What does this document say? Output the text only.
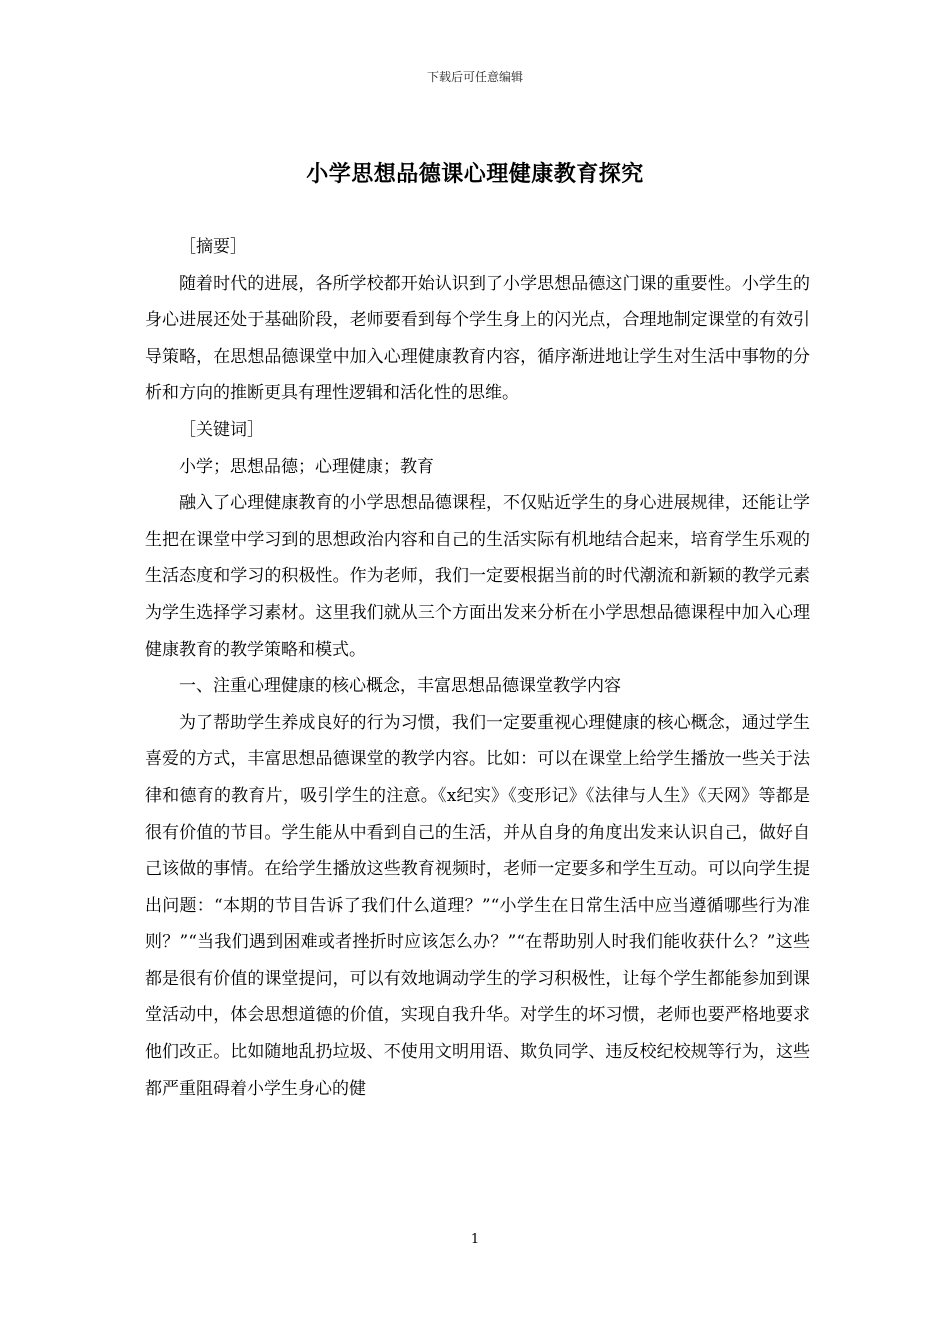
下载后可任意编辑
小学思想品德课心理健康教育探究

［摘要］

随着时代的进展，各所学校都开始认识到了小学思想品德这门课的重要性。小学生的身心进展还处于基础阶段，老师要看到每个学生身上的闪光点，合理地制定课堂的有效引导策略，在思想品德课堂中加入心理健康教育内容，循序渐进地让学生对生活中事物的分析和方向的推断更具有理性逻辑和活化性的思维。

［关键词］

小学；思想品德；心理健康；教育

融入了心理健康教育的小学思想品德课程，不仅贴近学生的身心进展规律，还能让学生把在课堂中学习到的思想政治内容和自己的生活实际有机地结合起来，培育学生乐观的生活态度和学习的积极性。作为老师，我们一定要根据当前的时代潮流和新颖的教学元素为学生选择学习素材。这里我们就从三个方面出发来分析在小学思想品德课程中加入心理健康教育的教学策略和模式。

一、注重心理健康的核心概念，丰富思想品德课堂教学内容

为了帮助学生养成良好的行为习惯，我们一定要重视心理健康的核心概念，通过学生喜爱的方式，丰富思想品德课堂的教学内容。比如：可以在课堂上给学生播放一些关于法律和德育的教育片，吸引学生的注意。《x纪实》《变形记》《法律与人生》《天网》等都是很有价值的节目。学生能从中看到自己的生活，并从自身的角度出发来认识自己，做好自己该做的事情。在给学生播放这些教育视频时，老师一定要多和学生互动。可以向学生提出问题：“本期的节目告诉了我们什么道理？”“小学生在日常生活中应当遵循哪些行为准则？”“当我们遇到困难或者挫折时应该怎么办？”“在帮助别人时我们能收获什么？”这些都是很有价值的课堂提问，可以有效地调动学生的学习积极性，让每个学生都能参加到课堂活动中，体会思想道德的价值，实现自我升华。对学生的坏习惯，老师也要严格地要求他们改正。比如随地乱扔垃圾、不使用文明用语、欺负同学、违反校纪校规等行为，这些都严重阻碍着小学生身心的健

1
